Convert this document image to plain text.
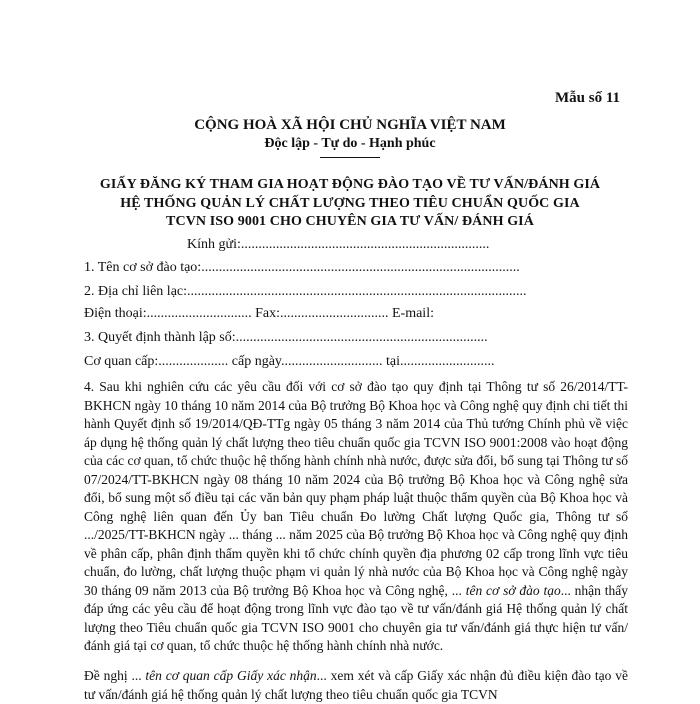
Mẫu số 11
CỘNG HOÀ XÃ HỘI CHỦ NGHĨA VIỆT NAM
Độc lập - Tự do - Hạnh phúc
GIẤY ĐĂNG KÝ THAM GIA HOẠT ĐỘNG ĐÀO TẠO VỀ TƯ VẤN/ĐÁNH GIÁ
HỆ THỐNG QUẢN LÝ CHẤT LƯỢNG THEO TIÊU CHUẨN QUỐC GIA
TCVN ISO 9001 CHO CHUYÊN GIA TƯ VẤN/ ĐÁNH GIÁ
Kính gửi:.......................................................................
1. Tên cơ sở đào tạo:...........................................................................................
2. Địa chỉ liên lạc:.................................................................................................
Điện thoại:.............................. Fax:............................... E-mail:
3. Quyết định thành lập số:........................................................................
Cơ quan cấp:.................... cấp ngày............................. tại...........................
4. Sau khi nghiên cứu các yêu cầu đối với cơ sở đào tạo quy định tại Thông tư số 26/2014/TT-BKHCN ngày 10 tháng 10 năm 2014 của Bộ trưởng Bộ Khoa học và Công nghệ quy định chi tiết thi hành Quyết định số 19/2014/QĐ-TTg ngày 05 tháng 3 năm 2014 của Thủ tướng Chính phủ về việc áp dụng hệ thống quản lý chất lượng theo tiêu chuẩn quốc gia TCVN ISO 9001:2008 vào hoạt động của các cơ quan, tổ chức thuộc hệ thống hành chính nhà nước, được sửa đổi, bổ sung tại Thông tư số 07/2024/TT-BKHCN ngày 08 tháng 10 năm 2024 của Bộ trưởng Bộ Khoa học và Công nghệ sửa đổi, bổ sung một số điều tại các văn bản quy phạm pháp luật thuộc thẩm quyền của Bộ Khoa học và Công nghệ liên quan đến Ủy ban Tiêu chuẩn Đo lường Chất lượng Quốc gia, Thông tư số .../2025/TT-BKHCN ngày ... tháng ... năm 2025 của Bộ trưởng Bộ Khoa học và Công nghệ quy định về phân cấp, phân định thẩm quyền khi tổ chức chính quyền địa phương 02 cấp trong lĩnh vực tiêu chuẩn, đo lường, chất lượng thuộc phạm vi quản lý nhà nước của Bộ Khoa học và Công nghệ ngày 30 tháng 09 năm 2013 của Bộ trưởng Bộ Khoa học và Công nghệ, ... tên cơ sở đào tạo... nhận thấy đáp ứng các yêu cầu để hoạt động trong lĩnh vực đào tạo về tư vấn/đánh giá Hệ thống quản lý chất lượng theo Tiêu chuẩn quốc gia TCVN ISO 9001 cho chuyên gia tư vấn/đánh giá thực hiện tư vấn/đánh giá tại cơ quan, tổ chức thuộc hệ thống hành chính nhà nước.
Đề nghị ... tên cơ quan cấp Giấy xác nhận... xem xét và cấp Giấy xác nhận đủ điều kiện đào tạo về tư vấn/đánh giá hệ thống quản lý chất lượng theo tiêu chuẩn quốc gia TCVN
